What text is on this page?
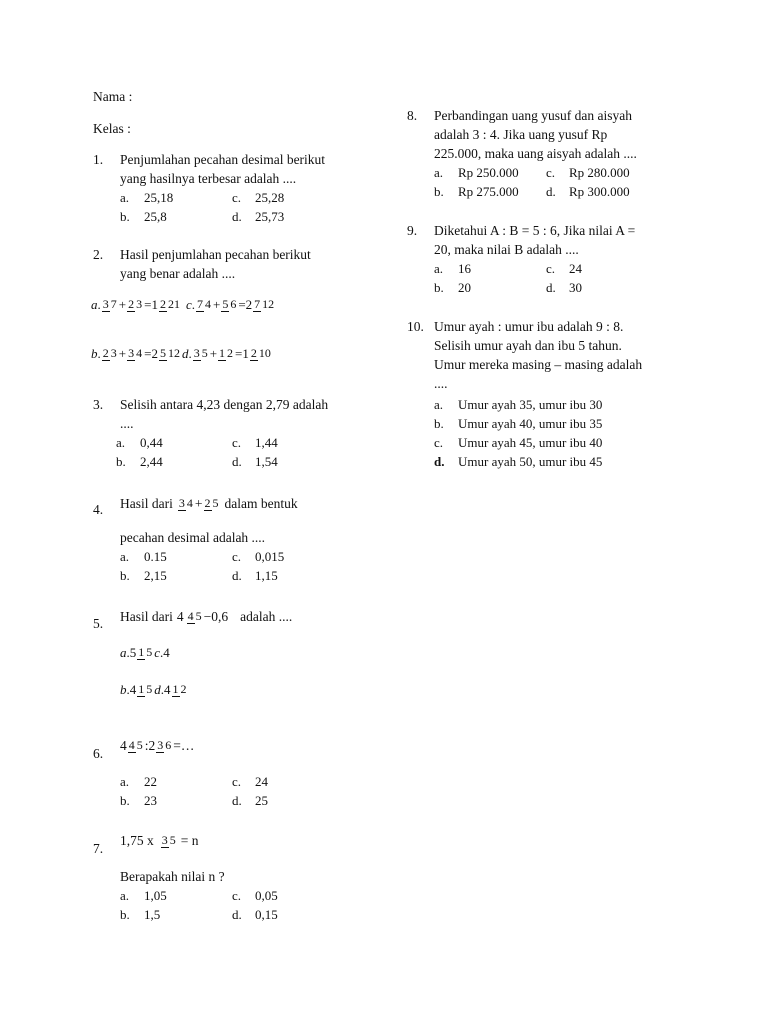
Nama :
Kelas :
1. Penjumlahan pecahan desimal berikut
yang hasilnya terbesar adalah ....
a. 25,18	c. 25,28
b. 25,8	d. 25,73
2. Hasil penjumlahan pecahan berikut
yang benar adalah ....
a . 3 7 + 2 3 = 1 2 21 c . 7 4 + 5 6 = 2 7 12
b . 2 3 + 3 4 = 2 5 12 d . 3 5 + 1 2 = 1 2 10
3. Selisih antara 4,23 dengan 2,79 adalah
....
a. 0,44	c. 1,44
b. 2,44	d. 1,54
4. Hasil dari 3 4 + 2 5 dalam bentuk
pecahan desimal adalah ....
a. 0.15	c. 0,015
b. 2,15	d. 1,15
5. Hasil dari 4 4 5 − 0,6 adalah ....
a . 5 1 5 c . 4
b . 4 1 5 d . 4 1 2
6.
4 4 5 : 2 3 6 =…
a. 22	c. 24
b. 23	d. 25
7.
1,75 x 3 5 = n
Berapakah nilai n ?
a. 1,05	c. 0,05
b. 1,5	d. 0,15
8. Perbandingan uang yusuf dan aisyah
adalah 3 : 4. Jika uang yusuf Rp
225.000, maka uang aisyah adalah ....
a. Rp 250.000 c. Rp 280.000
b. Rp 275.000 d. Rp 300.000
9. Diketahui A : B = 5 : 6, Jika nilai A =
20, maka nilai B adalah ....
a. 16	c. 24
b. 20	d. 30
10. Umur ayah : umur ibu adalah 9 : 8.
Selisih umur ayah dan ibu 5 tahun.
Umur mereka masing – masing adalah
....
a. Umur ayah 35, umur ibu 30
b. Umur ayah 40, umur ibu 35
c. Umur ayah 45, umur ibu 40
d. Umur ayah 50, umur ibu 45
